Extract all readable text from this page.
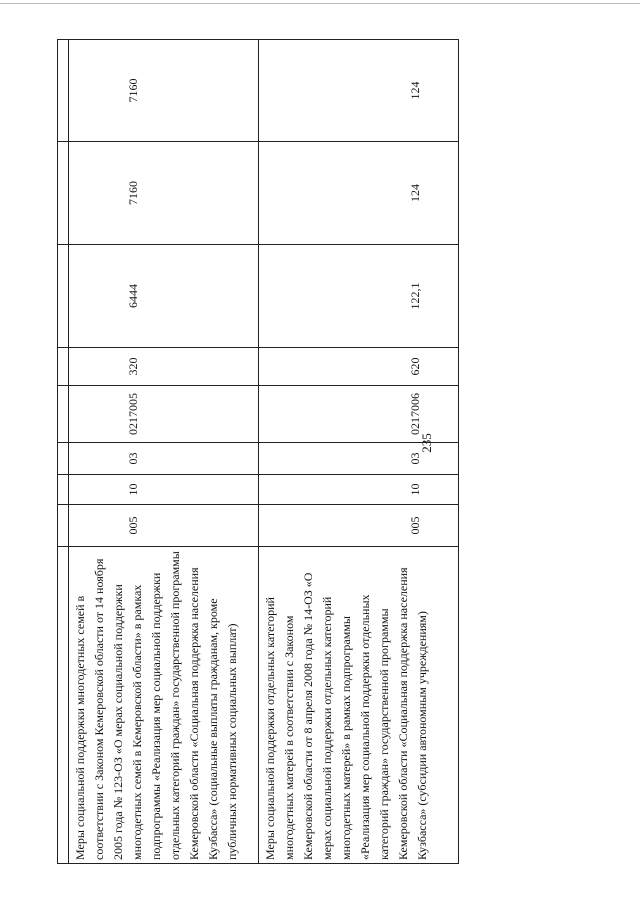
235

Меры социальной поддержки многодетных семей в соответствии с Законом Кемеровской области от 14 ноября 2005 года № 123-ОЗ «О мерах социальной поддержки многодетных семей в Кемеровской области» в рамках подпрограммы «Реализация мер социальной поддержки отдельных категорий граждан» государственной программы Кемеровской области «Социальная поддержка населения Кузбасса» (социальные выплаты гражданам, кроме публичных нормативных социальных выплат)	005	10	03	0217005	320	6444	7160	7160
Меры социальной поддержки отдельных категорий многодетных матерей в соответствии с Законом Кемеровской области от 8 апреля 2008 года № 14-ОЗ «О мерах социальной поддержки отдельных категорий многодетных матерей» в рамках подпрограммы «Реализация мер социальной поддержки отдельных категорий граждан» государственной программы Кемеровской области «Социальная поддержка населения Кузбасса» (субсидии автономным учреждениям)	005	10	03	0217006	620	122,1	124	124
